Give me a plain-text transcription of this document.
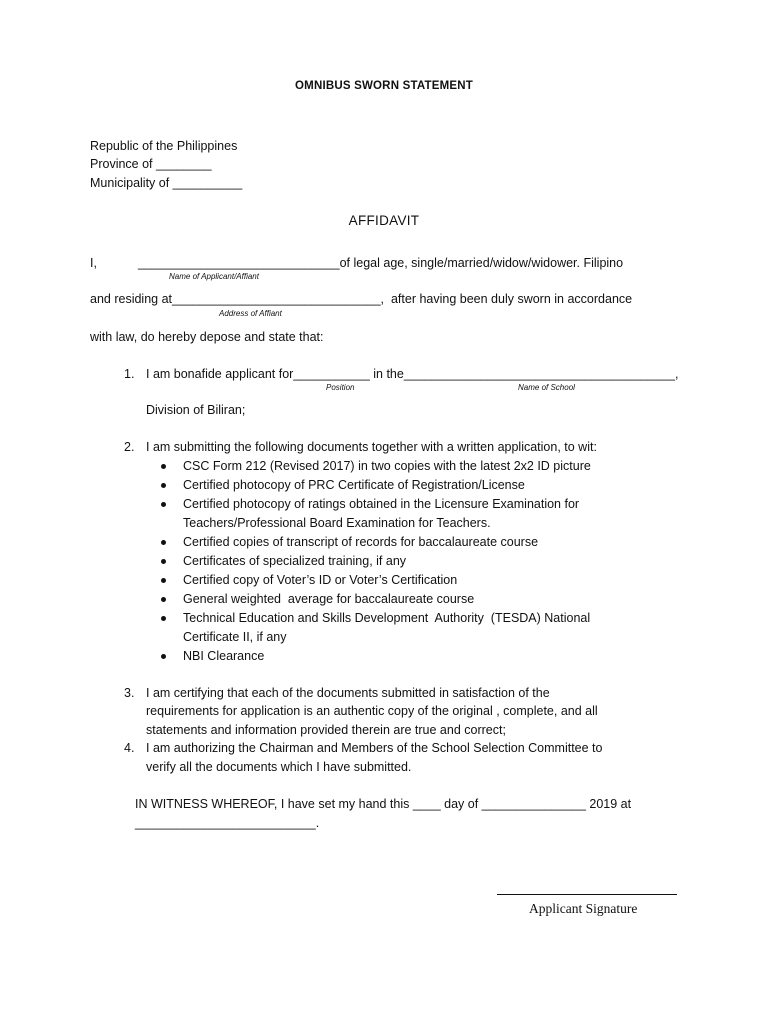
OMNIBUS SWORN STATEMENT
Republic of the Philippines
Province of ________
Municipality of __________
AFFIDAVIT
I,	_____________________________of legal age, single/married/widow/widower. Filipino
Name of Applicant/Affiant
and residing at______________________________,  after having been duly sworn in accordance
Address of Affiant
with law, do hereby depose and state that:
1. I am bonafide applicant for___________ in the_______________________________________,
Position	Name of School
Division of Biliran;
2. I am submitting the following documents together with a written application, to wit:
CSC Form 212 (Revised 2017) in two copies with the latest 2x2 ID picture
Certified photocopy of PRC Certificate of Registration/License
Certified photocopy of ratings obtained in the Licensure Examination for
Teachers/Professional Board Examination for Teachers.
Certified copies of transcript of records for baccalaureate course
Certificates of specialized training, if any
Certified copy of Voter’s ID or Voter’s Certification
General weighted  average for baccalaureate course
Technical Education and Skills Development  Authority  (TESDA) National
Certificate II, if any
NBI Clearance
3. I am certifying that each of the documents submitted in satisfaction of the
requirements for application is an authentic copy of the original , complete, and all
statements and information provided therein are true and correct;
4. I am authorizing the Chairman and Members of the School Selection Committee to
verify all the documents which I have submitted.
IN WITNESS WHEREOF, I have set my hand this ____ day of _______________ 2019 at
__________________________.
Applicant Signature
